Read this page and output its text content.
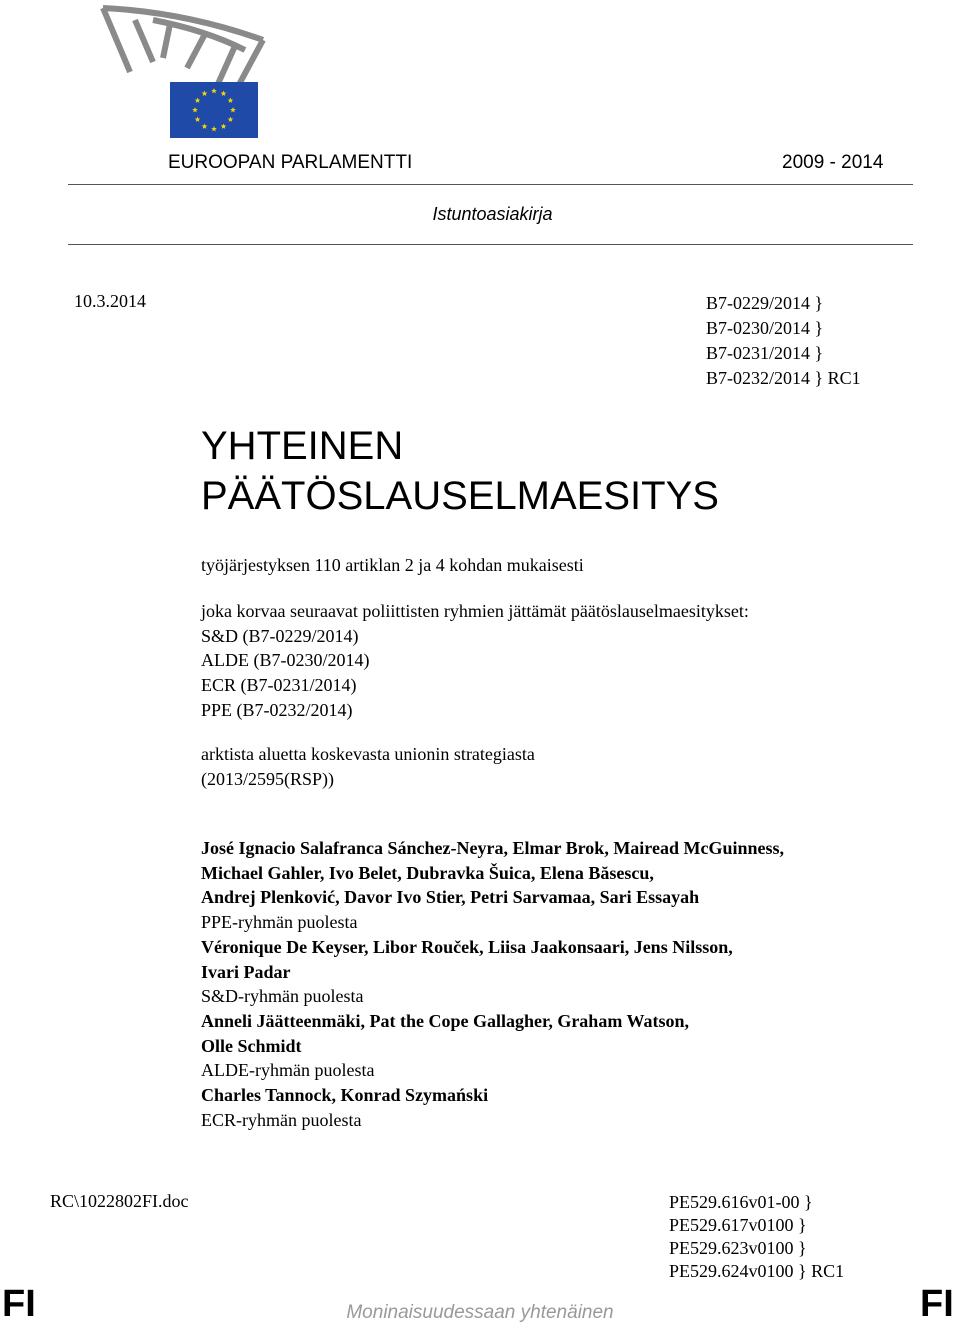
EUROOPAN PARLAMENTTI	2009 - 2014
Istuntoasiakirja
10.3.2014	B7-0229/2014 }
B7-0230/2014 }
B7-0231/2014 }
B7-0232/2014 } RC1
YHTEINEN
PÄÄTÖSLAUSELMAESITYS
työjärjestyksen 110 artiklan 2 ja 4 kohdan mukaisesti
joka korvaa seuraavat poliittisten ryhmien jättämät päätöslauselmaesitykset:
S&D (B7-0229/2014)
ALDE (B7-0230/2014)
ECR (B7-0231/2014)
PPE (B7-0232/2014)
arktista aluetta koskevasta unionin strategiasta
(2013/2595(RSP))
José Ignacio Salafranca Sánchez-Neyra, Elmar Brok, Mairead McGuinness,
Michael Gahler, Ivo Belet, Dubravka Šuica, Elena Băsescu,
Andrej Plenković, Davor Ivo Stier, Petri Sarvamaa, Sari Essayah
PPE-ryhmän puolesta
Véronique De Keyser, Libor Rouček, Liisa Jaakonsaari, Jens Nilsson,
Ivari Padar
S&D-ryhmän puolesta
Anneli Jäätteenmäki, Pat the Cope Gallagher, Graham Watson,
Olle Schmidt
ALDE-ryhmän puolesta
Charles Tannock, Konrad Szymański
ECR-ryhmän puolesta
RC\1022802FI.doc	PE529.616v01-00 }
PE529.617v0100 }
PE529.623v0100 }
PE529.624v0100 } RC1
FI	Moninaisuudessaan yhtenäinen	FI
